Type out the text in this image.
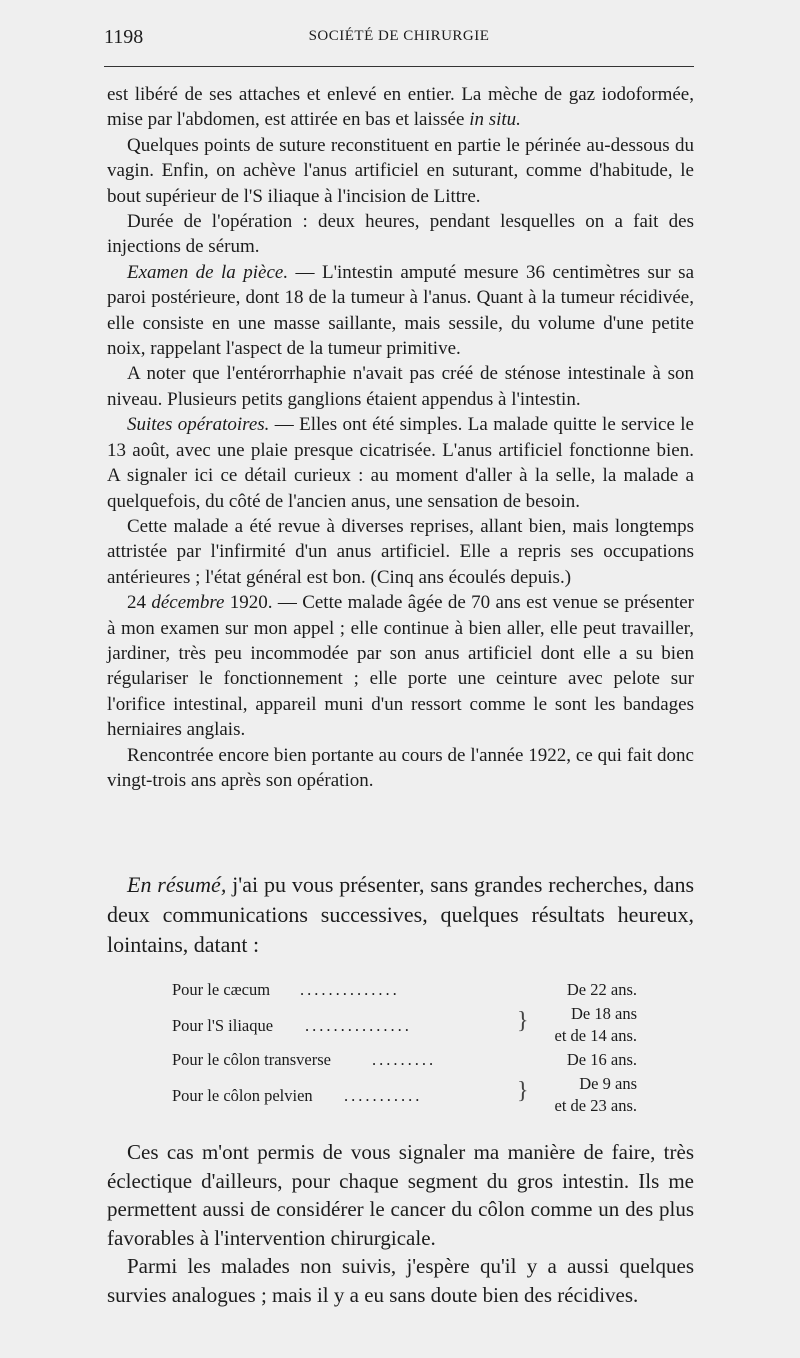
1198	SOCIÉTÉ DE CHIRURGIE

est libéré de ses attaches et enlevé en entier. La mèche de gaz iodoformée, mise par l'abdomen, est attirée en bas et laissée in situ.

Quelques points de suture reconstituent en partie le périnée au-dessous du vagin. Enfin, on achève l'anus artificiel en suturant, comme d'habitude, le bout supérieur de l'S iliaque à l'incision de Littre.

Durée de l'opération : deux heures, pendant lesquelles on a fait des injections de sérum.

Examen de la pièce. — L'intestin amputé mesure 36 centimètres sur sa paroi postérieure, dont 18 de la tumeur à l'anus. Quant à la tumeur récidivée, elle consiste en une masse saillante, mais sessile, du volume d'une petite noix, rappelant l'aspect de la tumeur primitive.

A noter que l'entérorrhaphie n'avait pas créé de sténose intestinale à son niveau. Plusieurs petits ganglions étaient appendus à l'intestin.

Suites opératoires. — Elles ont été simples. La malade quitte le service le 13 août, avec une plaie presque cicatrisée. L'anus artificiel fonctionne bien. A signaler ici ce détail curieux : au moment d'aller à la selle, la malade a quelquefois, du côté de l'ancien anus, une sensation de besoin.

Cette malade a été revue à diverses reprises, allant bien, mais longtemps attristée par l'infirmité d'un anus artificiel. Elle a repris ses occupations antérieures ; l'état général est bon. (Cinq ans écoulés depuis.)

24 décembre 1920. — Cette malade âgée de 70 ans est venue se présenter à mon examen sur mon appel ; elle continue à bien aller, elle peut travailler, jardiner, très peu incommodée par son anus artificiel dont elle a su bien régulariser le fonctionnement ; elle porte une ceinture avec pelote sur l'orifice intestinal, appareil muni d'un ressort comme le sont les bandages herniaires anglais.

Rencontrée encore bien portante au cours de l'année 1922, ce qui fait donc vingt-trois ans après son opération.

En résumé, j'ai pu vous présenter, sans grandes recherches, dans deux communications successives, quelques résultats heureux, lointains, datant :

Pour le cæcum ..............	De 22 ans.
Pour l'S iliaque ...............	}	De 18 ans
et de 14 ans.
Pour le côlon transverse .........	De 16 ans.
Pour le côlon pelvien ...........	}	De 9 ans
et de 23 ans.

Ces cas m'ont permis de vous signaler ma manière de faire, très éclectique d'ailleurs, pour chaque segment du gros intestin. Ils me permettent aussi de considérer le cancer du côlon comme un des plus favorables à l'intervention chirurgicale.

Parmi les malades non suivis, j'espère qu'il y a aussi quelques survies analogues ; mais il y a eu sans doute bien des récidives.
